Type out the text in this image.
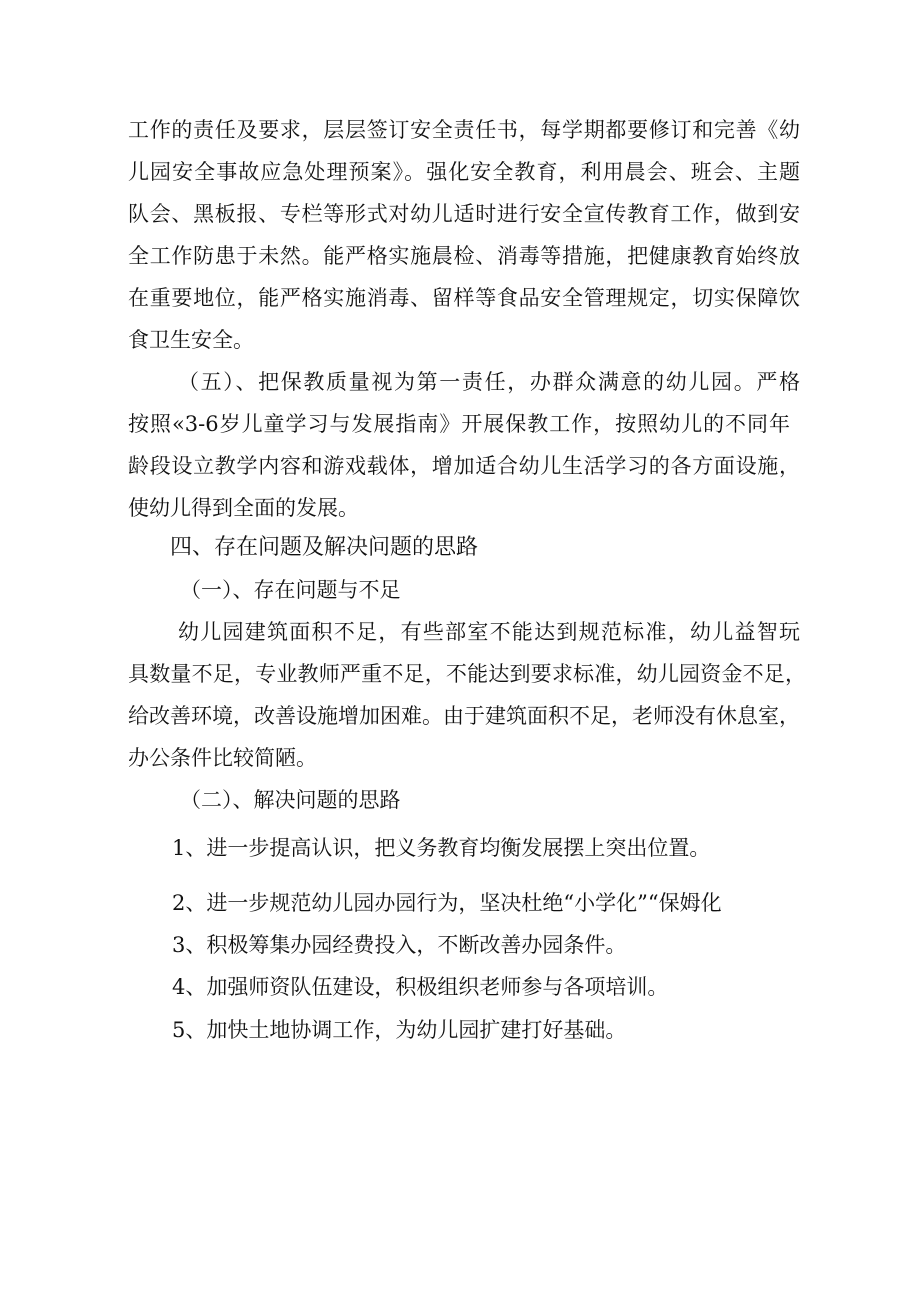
工作的责任及要求，层层签订安全责任书，每学期都要修订和完善《幼
儿园安全事故应急处理预案》。强化安全教育，利用晨会、班会、主题
队会、黑板报、专栏等形式对幼儿适时进行安全宣传教育工作，做到安
全工作防患于未然。能严格实施晨检、消毒等措施，把健康教育始终放
在重要地位，能严格实施消毒、留样等食品安全管理规定，切实保障饮
食卫生安全。
（五）、把保教质量视为第一责任，办群众满意的幼儿园。严格
按照«3-6岁儿童学习与发展指南》开展保教工作，按照幼儿的不同年
龄段设立教学内容和游戏载体，增加适合幼儿生活学习的各方面设施，
使幼儿得到全面的发展。
四、存在问题及解决问题的思路
（一）、存在问题与不足
幼儿园建筑面积不足，有些部室不能达到规范标准，幼儿益智玩
具数量不足，专业教师严重不足，不能达到要求标准，幼儿园资金不足，
给改善环境，改善设施增加困难。由于建筑面积不足，老师没有休息室，
办公条件比较简陋。
（二）、解决问题的思路
1、进一步提高认识，把义务教育均衡发展摆上突出位置。
2、进一步规范幼儿园办园行为，坚决杜绝“小学化”“保姆化
3、积极筹集办园经费投入，不断改善办园条件。
4、加强师资队伍建设，积极组织老师参与各项培训。
5、加快土地协调工作，为幼儿园扩建打好基础。
